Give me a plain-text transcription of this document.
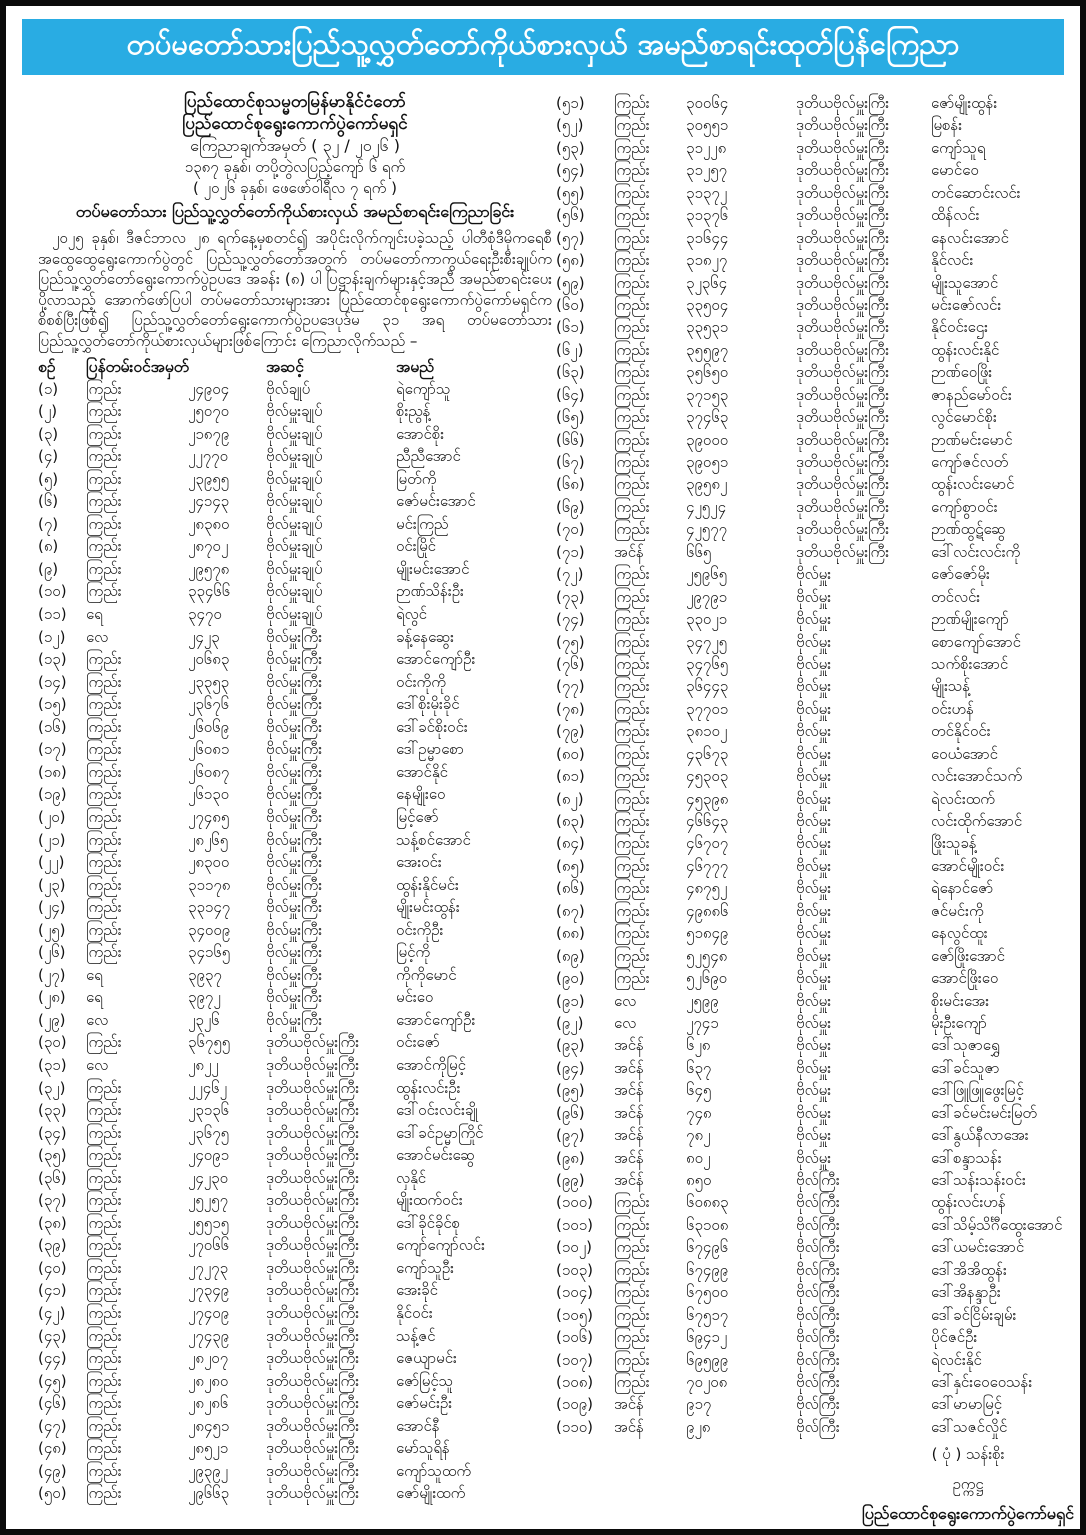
တပ်မတော်သားပြည်သူ့လွှတ်တော်ကိုယ်စားလှယ် အမည်စာရင်းထုတ်ပြန်ကြေညာ
ပြည်ထောင်စုသမ္မတမြန်မာနိုင်ငံတော်
ပြည်ထောင်စုရွေးကောက်ပွဲကော်မရှင်
ကြေညာချက်အမှတ် ( ၃၂ / ၂၀၂၆ )
၁၃၈၇ ခုနှစ်၊ တပို့တွဲလပြည့်ကျော် ၆ ရက်
( ၂၀၂၆ ခုနှစ်၊ ဖေဖော်ဝါရီလ ၇ ရက် )
တပ်မတော်သား ပြည်သူ့လွှတ်တော်ကိုယ်စားလှယ် အမည်စာရင်းကြေညာခြင်း

၂၀၂၅ ခုနှစ်၊ ဒီဇင်ဘာလ ၂၈ ရက်နေ့မှစတင်၍ အပိုင်းလိုက်ကျင်းပခဲ့သည့် ပါတီစုံဒီမိုကရေစီ အထွေထွေရွေးကောက်ပွဲတွင် ပြည်သူ့လွှတ်တော်အတွက် တပ်မတော်ကာကွယ်ရေးဦးစီးချုပ်က ပြည်သူ့လွှတ်တော်ရွေးကောက်ပွဲဥပဒေ အခန်း (၈) ပါ ပြဋ္ဌာန်းချက်များနှင့်အညီ အမည်စာရင်းပေးပို့လာသည့် အောက်ဖော်ပြပါ တပ်မတော်သားများအား ပြည်ထောင်စုရွေးကောက်ပွဲကော်မရှင်က စိစစ်ပြီးဖြစ်၍ ပြည်သူ့လွှတ်တော်ရွေးကောက်ပွဲဥပဒေပုဒ်မ ၃၁ အရ တပ်မတော်သားပြည်သူ့လွှတ်တော်ကိုယ်စားလှယ်များဖြစ်ကြောင်း ကြေညာလိုက်သည် –

စဉ်	ပြန်တမ်းဝင်အမှတ်	အဆင့်	အမည်
(၁)	ကြည်း	၂၄၉၀၄	ဗိုလ်ချုပ်	ရဲကျော်သူ
(၂)	ကြည်း	၂၅၀၇၀	ဗိုလ်မှူးချုပ်	စိုးညွန့်
(၃)	ကြည်း	၂၁၈၇၉	ဗိုလ်မှူးချုပ်	အောင်စိုး
(၄)	ကြည်း	၂၂၇၇၀	ဗိုလ်မှူးချုပ်	ညီညီအောင်
(၅)	ကြည်း	၂၃၉၅၅	ဗိုလ်မှူးချုပ်	မြတ်ကို
(၆)	ကြည်း	၂၄၁၄၃	ဗိုလ်မှူးချုပ်	ဇော်မင်းအောင်
(၇)	ကြည်း	၂၈၃၈၀	ဗိုလ်မှူးချုပ်	မင်းကြည်
(၈)	ကြည်း	၂၈၇၀၂	ဗိုလ်မှူးချုပ်	ဝင်းမြိုင်
(၉)	ကြည်း	၂၉၅၇၈	ဗိုလ်မှူးချုပ်	မျိုးမင်းအောင်
(၁၀)	ကြည်း	၃၃၄၆၆	ဗိုလ်မှူးချုပ်	ဉာဏ်သိန်းဦး
(၁၁)	ရေ	၃၄၇၀	ဗိုလ်မှူးချုပ်	ရဲလွင်
(၁၂)	လေ	၂၄၂၃	ဗိုလ်မှူးကြီး	ခန့်နေဆွေး
(၁၃)	ကြည်း	၂၀၆၈၃	ဗိုလ်မှူးကြီး	အောင်ကျော်ဦး
(၁၄)	ကြည်း	၂၃၃၅၃	ဗိုလ်မှူးကြီး	ဝင်းကိုကို
(၁၅)	ကြည်း	၂၃၆၇၆	ဗိုလ်မှူးကြီး	ဒေါ်စိုးမိုးခိုင်
(၁၆)	ကြည်း	၂၆၀၆၉	ဗိုလ်မှူးကြီး	ဒေါ်ခင်စိုးဝင်း
(၁၇)	ကြည်း	၂၆၀၈၁	ဗိုလ်မှူးကြီး	ဒေါ်ဥမ္မာစော
(၁၈)	ကြည်း	၂၆၀၈၇	ဗိုလ်မှူးကြီး	အောင်နိုင်
(၁၉)	ကြည်း	၂၆၁၃၀	ဗိုလ်မှူးကြီး	နေမျိုးဝေ
(၂၀)	ကြည်း	၂၇၄၈၅	ဗိုလ်မှူးကြီး	မြင့်ဇော်
(၂၁)	ကြည်း	၂၈၂၆၅	ဗိုလ်မှူးကြီး	သန့်စင်အောင်
(၂၂)	ကြည်း	၂၈၃၀၀	ဗိုလ်မှူးကြီး	အေးဝင်း
(၂၃)	ကြည်း	၃၁၁၇၈	ဗိုလ်မှူးကြီး	ထွန်းနိုင်မင်း
(၂၄)	ကြည်း	၃၃၁၄၇	ဗိုလ်မှူးကြီး	မျိုးမင်းထွန်း
(၂၅)	ကြည်း	၃၄၀၀၉	ဗိုလ်မှူးကြီး	ဝင်းကိုဦး
(၂၆)	ကြည်း	၃၄၁၆၅	ဗိုလ်မှူးကြီး	မြင့်ကို
(၂၇)	ရေ	၃၉၃၇	ဗိုလ်မှူးကြီး	ကိုကိုမောင်
(၂၈)	ရေ	၃၉၇၂	ဗိုလ်မှူးကြီး	မင်းဝေ
(၂၉)	လေ	၂၃၂၆	ဗိုလ်မှူးကြီး	အောင်ကျော်ဦး
(၃၀)	ကြည်း	၃၆၇၅၅	ဒုတိယဗိုလ်မှူးကြီး	ဝင်းဇော်
(၃၁)	လေ	၂၈၂၂	ဒုတိယဗိုလ်မှူးကြီး	အောင်ကိုမြင့်
(၃၂)	ကြည်း	၂၂၄၆၂	ဒုတိယဗိုလ်မှူးကြီး	ထွန်းလင်းဦး
(၃၃)	ကြည်း	၂၃၁၃၆	ဒုတိယဗိုလ်မှူးကြီး	ဒေါ်ဝင်းလင်းချို
(၃၄)	ကြည်း	၂၃၆၇၅	ဒုတိယဗိုလ်မှူးကြီး	ဒေါ်ခင်ဥမ္မာကြိုင်
(၃၅)	ကြည်း	၂၄၀၉၁	ဒုတိယဗိုလ်မှူးကြီး	အောင်မင်းဆွေ
(၃၆)	ကြည်း	၂၄၂၃၀	ဒုတိယဗိုလ်မှူးကြီး	လှနိုင်
(၃၇)	ကြည်း	၂၅၂၅၇	ဒုတိယဗိုလ်မှူးကြီး	မျိုးထက်ဝင်း
(၃၈)	ကြည်း	၂၅၅၁၅	ဒုတိယဗိုလ်မှူးကြီး	ဒေါ်ခိုင်ခိုင်စု
(၃၉)	ကြည်း	၂၇၀၆၆	ဒုတိယဗိုလ်မှူးကြီး	ကျော်ကျော်လင်း
(၄၀)	ကြည်း	၂၇၂၇၃	ဒုတိယဗိုလ်မှူးကြီး	ကျော်သူဦး
(၄၁)	ကြည်း	၂၇၃၄၉	ဒုတိယဗိုလ်မှူးကြီး	အေးခိုင်
(၄၂)	ကြည်း	၂၇၄၀၉	ဒုတိယဗိုလ်မှူးကြီး	နိုင်ဝင်း
(၄၃)	ကြည်း	၂၇၄၃၉	ဒုတိယဗိုလ်မှူးကြီး	သန့်ဇင်
(၄၄)	ကြည်း	၂၈၂၀၇	ဒုတိယဗိုလ်မှူးကြီး	ဇေယျာမင်း
(၄၅)	ကြည်း	၂၈၂၈၀	ဒုတိယဗိုလ်မှူးကြီး	ဇော်မြင့်သူ
(၄၆)	ကြည်း	၂၈၂၈၆	ဒုတိယဗိုလ်မှူးကြီး	ဇော်မင်းဦး
(၄၇)	ကြည်း	၂၈၄၅၁	ဒုတိယဗိုလ်မှူးကြီး	အောင်နီ
(၄၈)	ကြည်း	၂၈၅၂၁	ဒုတိယဗိုလ်မှူးကြီး	မော်သူရိန်
(၄၉)	ကြည်း	၂၉၃၉၂	ဒုတိယဗိုလ်မှူးကြီး	ကျော်သူထက်
(၅၀)	ကြည်း	၂၉၆၆၃	ဒုတိယဗိုလ်မှူးကြီး	ဇော်မျိုးထက်
(၅၁)	ကြည်း	၃၀၀၆၄	ဒုတိယဗိုလ်မှူးကြီး	ဇော်မျိုးထွန်း
(၅၂)	ကြည်း	၃၀၅၅၁	ဒုတိယဗိုလ်မှူးကြီး	မြစန်း
(၅၃)	ကြည်း	၃၁၂၂၈	ဒုတိယဗိုလ်မှူးကြီး	ကျော်သူရ
(၅၄)	ကြည်း	၃၁၂၅၇	ဒုတိယဗိုလ်မှူးကြီး	မောင်ဝေ
(၅၅)	ကြည်း	၃၁၃၇၂	ဒုတိယဗိုလ်မှူးကြီး	တင်ဆောင်းလင်း
(၅၆)	ကြည်း	၃၁၃၇၆	ဒုတိယဗိုလ်မှူးကြီး	ထိန်လင်း
(၅၇)	ကြည်း	၃၁၆၄၄	ဒုတိယဗိုလ်မှူးကြီး	နေလင်းအောင်
(၅၈)	ကြည်း	၃၁၈၂၇	ဒုတိယဗိုလ်မှူးကြီး	နိုင်လင်း
(၅၉)	ကြည်း	၃၂၃၆၄	ဒုတိယဗိုလ်မှူးကြီး	မျိုးသူအောင်
(၆၀)	ကြည်း	၃၃၅၀၄	ဒုတိယဗိုလ်မှူးကြီး	မင်းဇော်လင်း
(၆၁)	ကြည်း	၃၃၅၃၁	ဒုတိယဗိုလ်မှူးကြီး	နိုင်ဝင်းဌေး
(၆၂)	ကြည်း	၃၅၅၉၇	ဒုတိယဗိုလ်မှူးကြီး	ထွန်းလင်းနိုင်
(၆၃)	ကြည်း	၃၅၆၅၀	ဒုတိယဗိုလ်မှူးကြီး	ဉာဏ်ဝေဖြိုး
(၆၄)	ကြည်း	၃၇၁၅၃	ဒုတိယဗိုလ်မှူးကြီး	ဇာနည်မော်ဝင်း
(၆၅)	ကြည်း	၃၇၄၆၃	ဒုတိယဗိုလ်မှူးကြီး	လွင်မောင်စိုး
(၆၆)	ကြည်း	၃၉၀၀၀	ဒုတိယဗိုလ်မှူးကြီး	ဉာဏ်မင်းမောင်
(၆၇)	ကြည်း	၃၉၀၅၁	ဒုတိယဗိုလ်မှူးကြီး	ကျော်ဇင်လတ်
(၆၈)	ကြည်း	၃၉၅၈၂	ဒုတိယဗိုလ်မှူးကြီး	ထွန်းလင်းမောင်
(၆၉)	ကြည်း	၄၂၅၂၄	ဒုတိယဗိုလ်မှူးကြီး	ကျော်စွာဝင်း
(၇၀)	ကြည်း	၄၂၅၇၇	ဒုတိယဗိုလ်မှူးကြီး	ဉာဏ်ထွဋ်ဆွေ
(၇၁)	အင်န်	၆၆၅	ဒုတိယဗိုလ်မှူးကြီး	ဒေါ်လင်းလင်းကို
(၇၂)	ကြည်း	၂၅၉၆၅	ဗိုလ်မှူး	ဇော်ဇော်မိုး
(၇၃)	ကြည်း	၂၉၇၉၁	ဗိုလ်မှူး	တင်လင်း
(၇၄)	ကြည်း	၃၃၀၂၁	ဗိုလ်မှူး	ဉာဏ်မျိုးကျော်
(၇၅)	ကြည်း	၃၄၇၂၅	ဗိုလ်မှူး	စောကျော်အောင်
(၇၆)	ကြည်း	၃၄၇၆၅	ဗိုလ်မှူး	သက်စိုးအောင်
(၇၇)	ကြည်း	၃၆၄၄၃	ဗိုလ်မှူး	မျိုးသန့်
(၇၈)	ကြည်း	၃၇၇၀၁	ဗိုလ်မှူး	ဝင်းဟန်
(၇၉)	ကြည်း	၃၈၁၀၂	ဗိုလ်မှူး	တင်နိုင်ဝင်း
(၈၀)	ကြည်း	၄၃၆၇၃	ဗိုလ်မှူး	ဝေယံအောင်
(၈၁)	ကြည်း	၄၅၃၀၃	ဗိုလ်မှူး	လင်းအောင်သက်
(၈၂)	ကြည်း	၄၅၃၉၈	ဗိုလ်မှူး	ရဲလင်းထက်
(၈၃)	ကြည်း	၄၆၆၄၃	ဗိုလ်မှူး	လင်းထိုက်အောင်
(၈၄)	ကြည်း	၄၆၇၀၇	ဗိုလ်မှူး	ဖြိုးသူခန့်
(၈၅)	ကြည်း	၄၆၇၇၇	ဗိုလ်မှူး	အောင်မျိုးဝင်း
(၈၆)	ကြည်း	၄၈၇၅၂	ဗိုလ်မှူး	ရဲနောင်ဇော်
(၈၇)	ကြည်း	၄၉၈၈၆	ဗိုလ်မှူး	ဇင်မင်းကို
(၈၈)	ကြည်း	၅၁၈၄၉	ဗိုလ်မှူး	နေလွင်ထူး
(၈၉)	ကြည်း	၅၂၅၄၈	ဗိုလ်မှူး	ဇော်ဖြိုးအောင်
(၉၀)	ကြည်း	၅၂၆၉၀	ဗိုလ်မှူး	အောင်ဖြိုးဝေ
(၉၁)	လေ	၂၅၉၉	ဗိုလ်မှူး	စိုးမင်းအေး
(၉၂)	လေ	၂၇၄၁	ဗိုလ်မှူး	မိုးဦးကျော်
(၉၃)	အင်န်	၆၂၈	ဗိုလ်မှူး	ဒေါ်သုဇာရွှေ
(၉၄)	အင်န်	၆၃၇	ဗိုလ်မှူး	ဒေါ်ခင်သူဇာ
(၉၅)	အင်န်	၆၄၅	ဗိုလ်မှူး	ဒေါ်ဖြူဖြူဖွေးမြင့်
(၉၆)	အင်န်	၇၄၈	ဗိုလ်မှူး	ဒေါ်ခင်မင်းမင်းမြတ်
(၉၇)	အင်န်	၇၈၂	ဗိုလ်မှူး	ဒေါ်နွယ်နီလာအေး
(၉၈)	အင်န်	၈၀၂	ဗိုလ်မှူး	ဒေါ်စန္ဒာသန်း
(၉၉)	အင်န်	၈၅၀	ဗိုလ်ကြီး	ဒေါ်သန်းသန်းဝင်း
(၁၀၀)	ကြည်း	၆၀၈၈၃	ဗိုလ်ကြီး	ထွန်းလင်းဟန်
(၁၀၁)	ကြည်း	၆၃၁၀၈	ဗိုလ်ကြီး	ဒေါ်သိမ့်သိင်္ဂီထွေးအောင်
(၁၀၂)	ကြည်း	၆၇၄၉၆	ဗိုလ်ကြီး	ဒေါ်ယမင်းအောင်
(၁၀၃)	ကြည်း	၆၇၄၉၉	ဗိုလ်ကြီး	ဒေါ်အိအိထွန်း
(၁၀၄)	ကြည်း	၆၇၅၀၀	ဗိုလ်ကြီး	ဒေါ်အိနန္ဒာဦး
(၁၀၅)	ကြည်း	၆၇၅၁၇	ဗိုလ်ကြီး	ဒေါ်ခင်ငြိမ်းချမ်း
(၁၀၆)	ကြည်း	၆၉၄၁၂	ဗိုလ်ကြီး	ပိုင်ဇင်ဦး
(၁၀၇)	ကြည်း	၆၉၅၉၉	ဗိုလ်ကြီး	ရဲလင်းနိုင်
(၁၀၈)	ကြည်း	၇၀၂၀၈	ဗိုလ်ကြီး	ဒေါ်နှင်းဝေဝေသန်း
(၁၀၉)	အင်န်	၉၁၇	ဗိုလ်ကြီး	ဒေါ်မာမာမြင့်
(၁၁၀)	အင်န်	၉၂၈	ဗိုလ်ကြီး	ဒေါ်သဇင်လှိုင်
( ပုံ ) သန်းစိုး
ဥက္ကဋ္ဌ
ပြည်ထောင်စုရွေးကောက်ပွဲကော်မရှင်
